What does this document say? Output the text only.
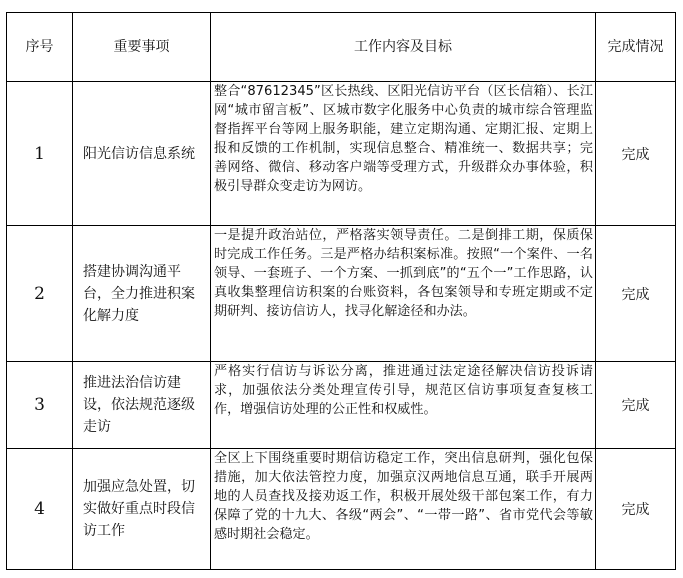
序号	重要事项	工作内容及目标	完成情况
1	阳光信访信息系统	整合“87612345”区长热线、区阳光信访平台（区长信箱）、长江网“城市留言板”、区城市数字化服务中心负责的城市综合管理监督指挥平台等网上服务职能，建立定期沟通、定期汇报、定期上报和反馈的工作机制，实现信息整合、精准统一、数据共享；完善网络、微信、移动客户端等受理方式，升级群众办事体验，积极引导群众变走访为网访。	完成
2	搭建协调沟通平台，全力推进积案化解力度	一是提升政治站位，严格落实领导责任。二是倒排工期，保质保时完成工作任务。三是严格办结积案标准。按照“一个案件、一名领导、一套班子、一个方案、一抓到底”的“五个一”工作思路，认真收集整理信访积案的台账资料，各包案领导和专班定期或不定期研判、接访信访人，找寻化解途径和办法。	完成
3	推进法治信访建设，依法规范逐级走访	严格实行信访与诉讼分离，推进通过法定途径解决信访投诉请求，加强依法分类处理宣传引导，规范区信访事项复查复核工作，增强信访处理的公正性和权威性。	完成
4	加强应急处置，切实做好重点时段信访工作	全区上下围绕重要时期信访稳定工作，突出信息研判，强化包保措施，加大依法管控力度，加强京汉两地信息互通，联手开展两地的人员查找及接劝返工作，积极开展处级干部包案工作，有力保障了党的十九大、各级“两会”、“一带一路”、省市党代会等敏感时期社会稳定。	完成
